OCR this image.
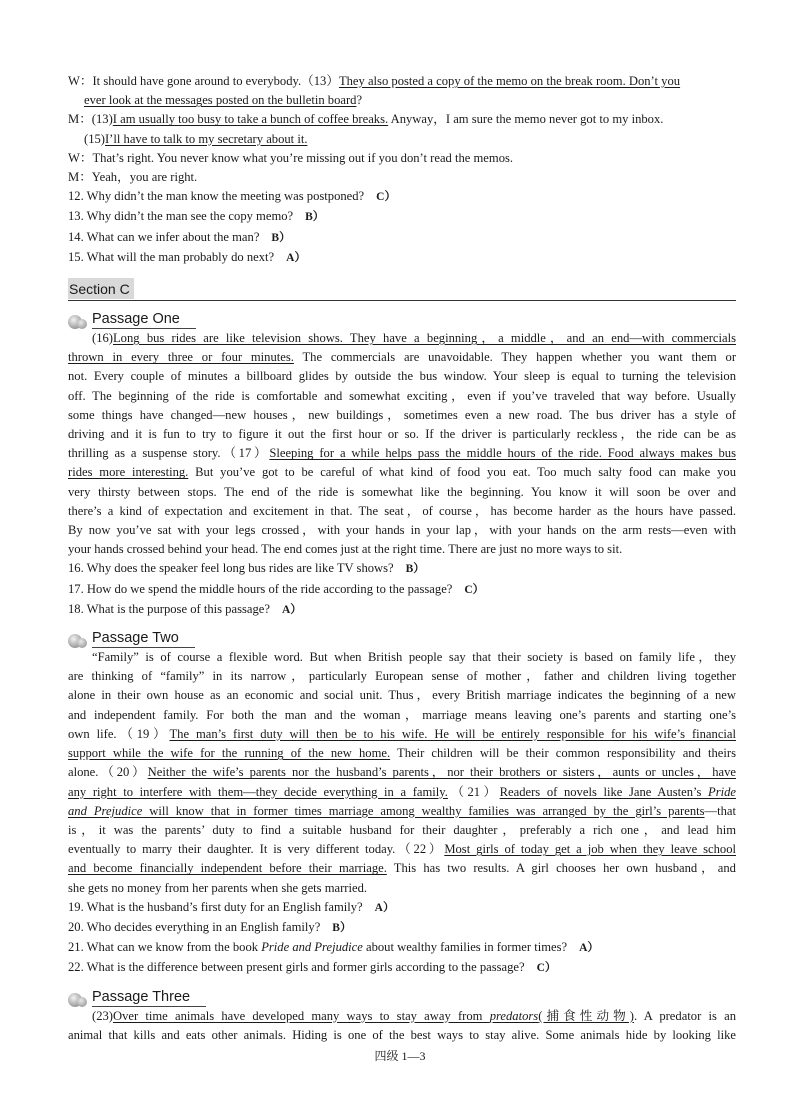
W：It should have gone around to everybody.（13）They also posted a copy of the memo on the break room. Don’t you
ever look at the messages posted on the bulletin board?
M：(13)I am usually too busy to take a bunch of coffee breaks. Anyway，I am sure the memo never got to my inbox.
(15)I’ll have to talk to my secretary about it.
W：That’s right. You never know what you’re missing out if you don’t read the memos.
M：Yeah，you are right.
12. Why didn’t the man know the meeting was postponed? C）
13. Why didn’t the man see the copy memo? B）
14. What can we infer about the man? B）
15. What will the man probably do next? A）
Section C
Passage One
(16)Long bus rides are like television shows. They have a beginning，a middle，and an end—with commercials
thrown in every three or four minutes. The commercials are unavoidable. They happen whether you want them or
not. Every couple of minutes a billboard glides by outside the bus window. Your sleep is equal to turning the television
off. The beginning of the ride is comfortable and somewhat exciting，even if you’ve traveled that way before. Usually
some things have changed—new houses，new buildings，sometimes even a new road. The bus driver has a style of
driving and it is fun to try to figure it out the first hour or so. If the driver is particularly reckless，the ride can be as
thrilling as a suspense story.（17）Sleeping for a while helps pass the middle hours of the ride. Food always makes bus
rides more interesting. But you’ve got to be careful of what kind of food you eat. Too much salty food can make you
very thirsty between stops. The end of the ride is somewhat like the beginning. You know it will soon be over and
there’s a kind of expectation and excitement in that. The seat，of course，has become harder as the hours have passed.
By now you’ve sat with your legs crossed，with your hands in your lap，with your hands on the arm rests—even with
your hands crossed behind your head. The end comes just at the right time. There are just no more ways to sit.
16. Why does the speaker feel long bus rides are like TV shows? B）
17. How do we spend the middle hours of the ride according to the passage? C）
18. What is the purpose of this passage? A）
Passage Two
“Family” is of course a flexible word. But when British people say that their society is based on family life，they
are thinking of “family” in its narrow，particularly European sense of mother，father and children living together
alone in their own house as an economic and social unit. Thus，every British marriage indicates the beginning of a new
and independent family. For both the man and the woman，marriage means leaving one’s parents and starting one’s
own life.（19）The man’s first duty will then be to his wife. He will be entirely responsible for his wife’s financial
support while the wife for the running of the new home. Their children will be their common responsibility and theirs
alone.（20）Neither the wife’s parents nor the husband’s parents，nor their brothers or sisters，aunts or uncles，have
any right to interfere with them—they decide everything in a family.（21）Readers of novels like Jane Austen’s Pride
and Prejudice will know that in former times marriage among wealthy families was arranged by the girl’s parents—that
is，it was the parents’ duty to find a suitable husband for their daughter，preferably a rich one，and lead him
eventually to marry their daughter. It is very different today.（22）Most girls of today get a job when they leave school
and become financially independent before their marriage. This has two results. A girl chooses her own husband，and
she gets no money from her parents when she gets married.
19. What is the husband’s first duty for an English family? A）
20. Who decides everything in an English family? B）
21. What can we know from the book Pride and Prejudice about wealthy families in former times? A）
22. What is the difference between present girls and former girls according to the passage? C）
Passage Three
(23)Over time animals have developed many ways to stay away from predators(捕食性动物). A predator is an
animal that kills and eats other animals. Hiding is one of the best ways to stay alive. Some animals hide by looking like
四级 1—3
